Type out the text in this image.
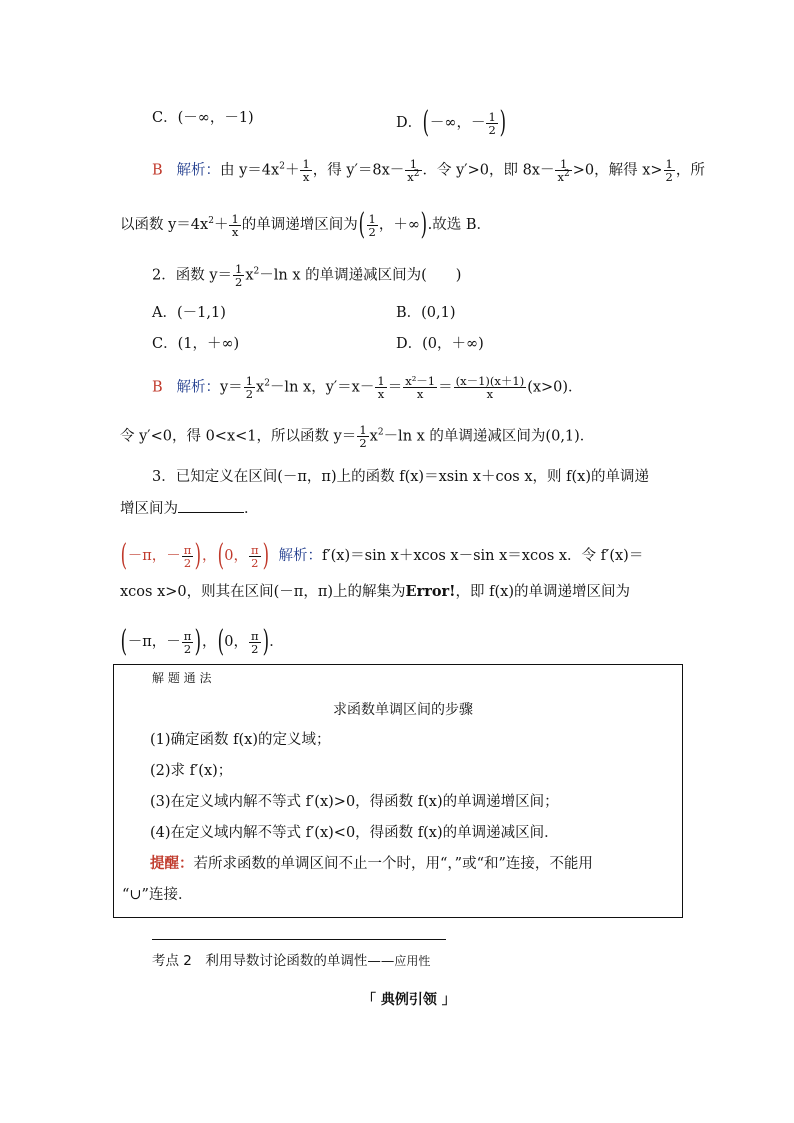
C．(－∞，－1)	D．(－∞，－ $\frac{1}{2}$ )
B 解析：由 $y=4x^2+ \frac{1}{x}$ ，得 $y'=8x- \frac{1}{x^2}$ ．令 y′>0，即 $8x- \frac{1}{x^2} >0$，解得 $x> \frac{1}{2}$ ，所
以函数 $y=4x^2+ \frac{1}{x}$ 的单调递增区间为( $\frac{1}{2}$ ，＋∞).故选 B．
2．函数 $y= \frac{1}{2} x^2-\ln$ x 的单调递减区间为(　　)
A．(－1,1)	B．(0,1)
C．(1，＋∞)	D．(0，＋∞)
B 解析：$y= \frac{1}{2} x^2-\ln$ x，$y'=x- \frac{1}{x} = \frac{\text{x²－1}}{x} = \frac{(x-1)(x+1)}{x} (x>0)$．
令 y′<0，得 0<x<1，所以函数 $y= \frac{1}{2} x^2-\ln$ x 的单调递减区间为(0,1)．
3．已知定义在区间(－π，π)上的函数 f(x)＝xsin x＋cos x，则 f(x)的单调递
增区间为	．
(－π，－ $\frac{\pi}{2}$ )，(0， $\frac{\pi}{2}$ ) 解析：f′(x)＝sin x＋xcos x－sin x＝xcos x．令 f′(x)＝
xcos x>0，则其在区间(－π，π)上的解集为Error!，即 f(x)的单调递增区间为
(－π，－ $\frac{\pi}{2}$ )，(0， $\frac{\pi}{2}$ )．
解 题 通 法
求函数单调区间的步骤
(1)确定函数 f(x)的定义域；
(2)求 f′(x)；
(3)在定义域内解不等式 f′(x)>0，得函数 f(x)的单调递增区间；
(4)在定义域内解不等式 f′(x)<0，得函数 f(x)的单调递减区间．
提醒：若所求函数的单调区间不止一个时，用“，”或“和”连接，不能用
“∪”连接．
考点 2　利用导数讨论函数的单调性——应用性
「 典例引领 」
